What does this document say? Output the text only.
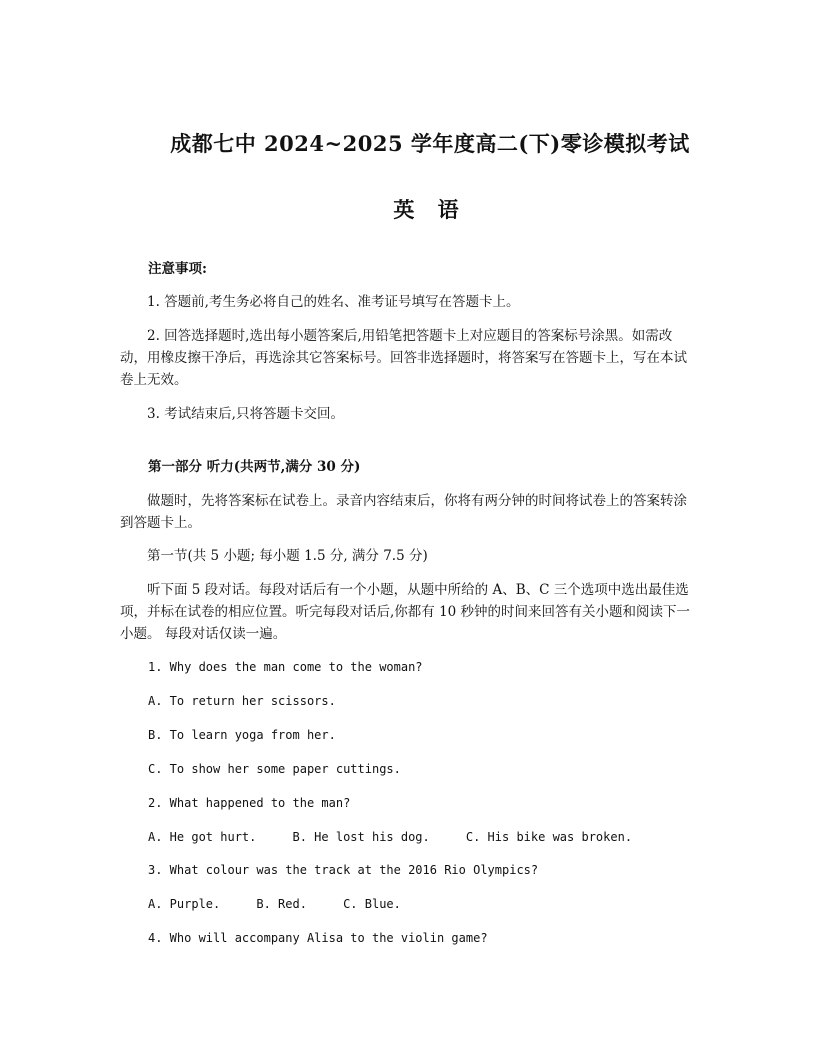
成都七中 2024~2025 学年度高二(下)零诊模拟考试
英 语
注意事项:
1. 答题前,考生务必将自己的姓名、准考证号填写在答题卡上。
2. 回答选择题时,选出每小题答案后,用铅笔把答题卡上对应题目的答案标号涂黑。如需改动，用橡皮擦干净后，再选涂其它答案标号。回答非选择题时，将答案写在答题卡上，写在本试卷上无效。
3. 考试结束后,只将答题卡交回。
第一部分 听力(共两节,满分 30 分)
做题时，先将答案标在试卷上。录音内容结束后，你将有两分钟的时间将试卷上的答案转涂到答题卡上。
第一节(共 5 小题; 每小题 1.5 分, 满分 7.5 分)
听下面 5 段对话。每段对话后有一个小题，从题中所给的 A、B、C 三个选项中选出最佳选项，并标在试卷的相应位置。听完每段对话后,你都有 10 秒钟的时间来回答有关小题和阅读下一小题。 每段对话仅读一遍。
1. Why does the man come to the woman?
A. To return her scissors.
B. To learn yoga from her.
C. To show her some paper cuttings.
2. What happened to the man?
A. He got hurt.     B. He lost his dog.     C. His bike was broken.
3. What colour was the track at the 2016 Rio Olympics?
A. Purple.     B. Red.     C. Blue.
4. Who will accompany Alisa to the violin game?
